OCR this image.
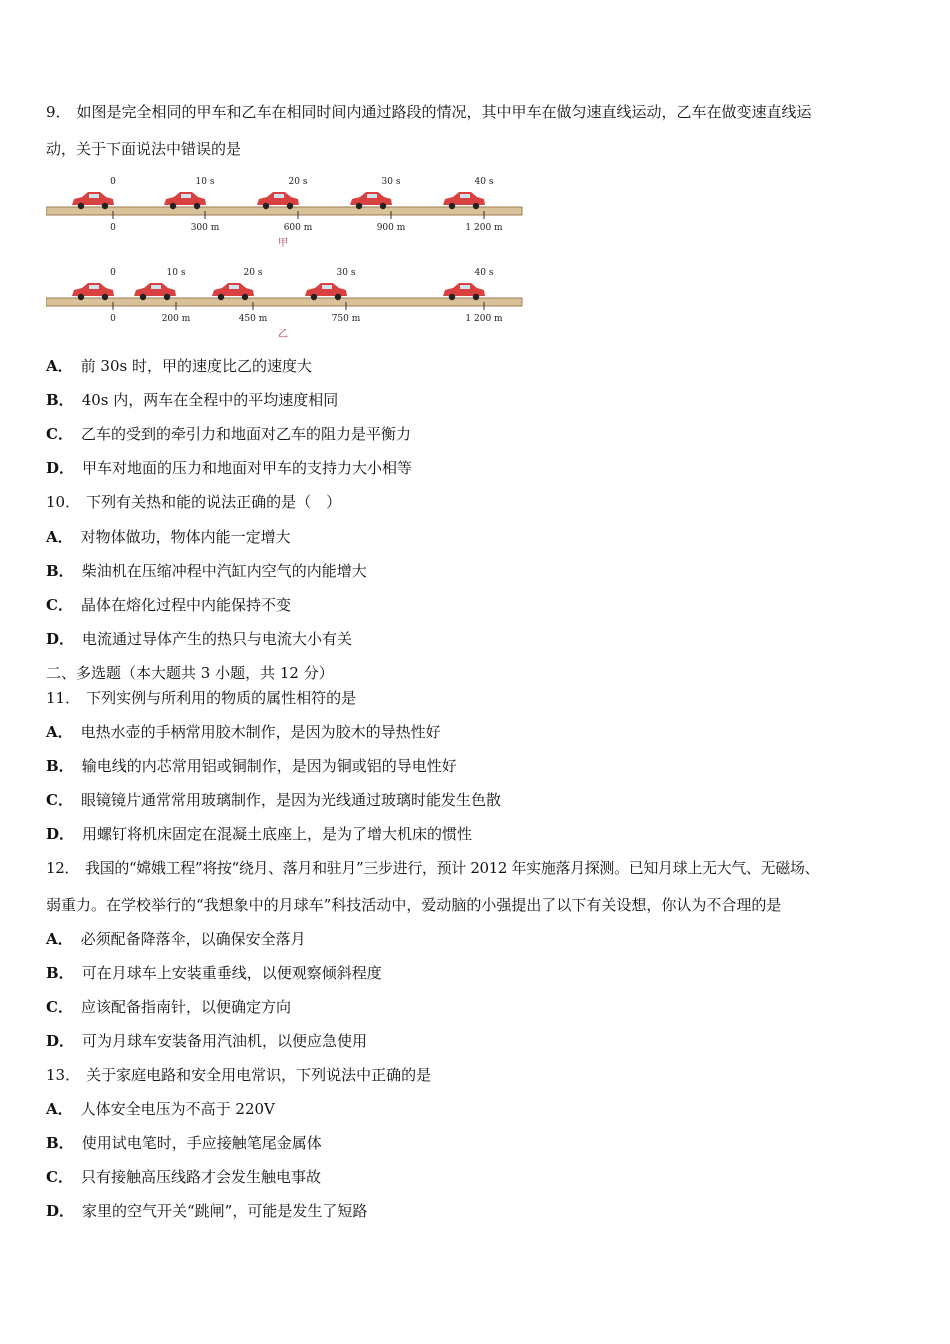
9． 如图是完全相同的甲车和乙车在相同时间内通过路段的情况，其中甲车在做匀速直线运动，乙车在做变速直线运
动，关于下面说法中错误的是
0	10 s	20 s	30 s	40 s
0	300 m	600 m	900 m	1 200 m
甲
0	10 s	20 s	30 s	40 s
0	200 m	450 m	750 m	1 200 m
乙
A． 前 30s 时，甲的速度比乙的速度大
B． 40s 内，两车在全程中的平均速度相同
C． 乙车的受到的牵引力和地面对乙车的阻力是平衡力
D． 甲车对地面的压力和地面对甲车的支持力大小相等
10． 下列有关热和能的说法正确的是（　）
A． 对物体做功，物体内能一定增大
B． 柴油机在压缩冲程中汽缸内空气的内能增大
C． 晶体在熔化过程中内能保持不变
D． 电流通过导体产生的热只与电流大小有关
二、多选题（本大题共 3 小题，共 12 分）
11． 下列实例与所利用的物质的属性相符的是
A． 电热水壶的手柄常用胶木制作，是因为胶木的导热性好
B． 输电线的内芯常用铝或铜制作，是因为铜或铝的导电性好
C． 眼镜镜片通常常用玻璃制作，是因为光线通过玻璃时能发生色散
D． 用螺钉将机床固定在混凝土底座上，是为了增大机床的惯性
12． 我国的“嫦娥工程”将按“绕月、落月和驻月”三步进行，预计 2012 年实施落月探测。已知月球上无大气、无磁场、
弱重力。在学校举行的“我想象中的月球车”科技活动中，爱动脑的小强提出了以下有关设想，你认为不合理的是
A． 必须配备降落伞，以确保安全落月
B． 可在月球车上安装重垂线，以便观察倾斜程度
C． 应该配备指南针，以便确定方向
D． 可为月球车安装备用汽油机，以便应急使用
13． 关于家庭电路和安全用电常识，下列说法中正确的是
A． 人体安全电压为不高于 220V
B． 使用试电笔时，手应接触笔尾金属体
C． 只有接触高压线路才会发生触电事故
D． 家里的空气开关“跳闸”，可能是发生了短路
